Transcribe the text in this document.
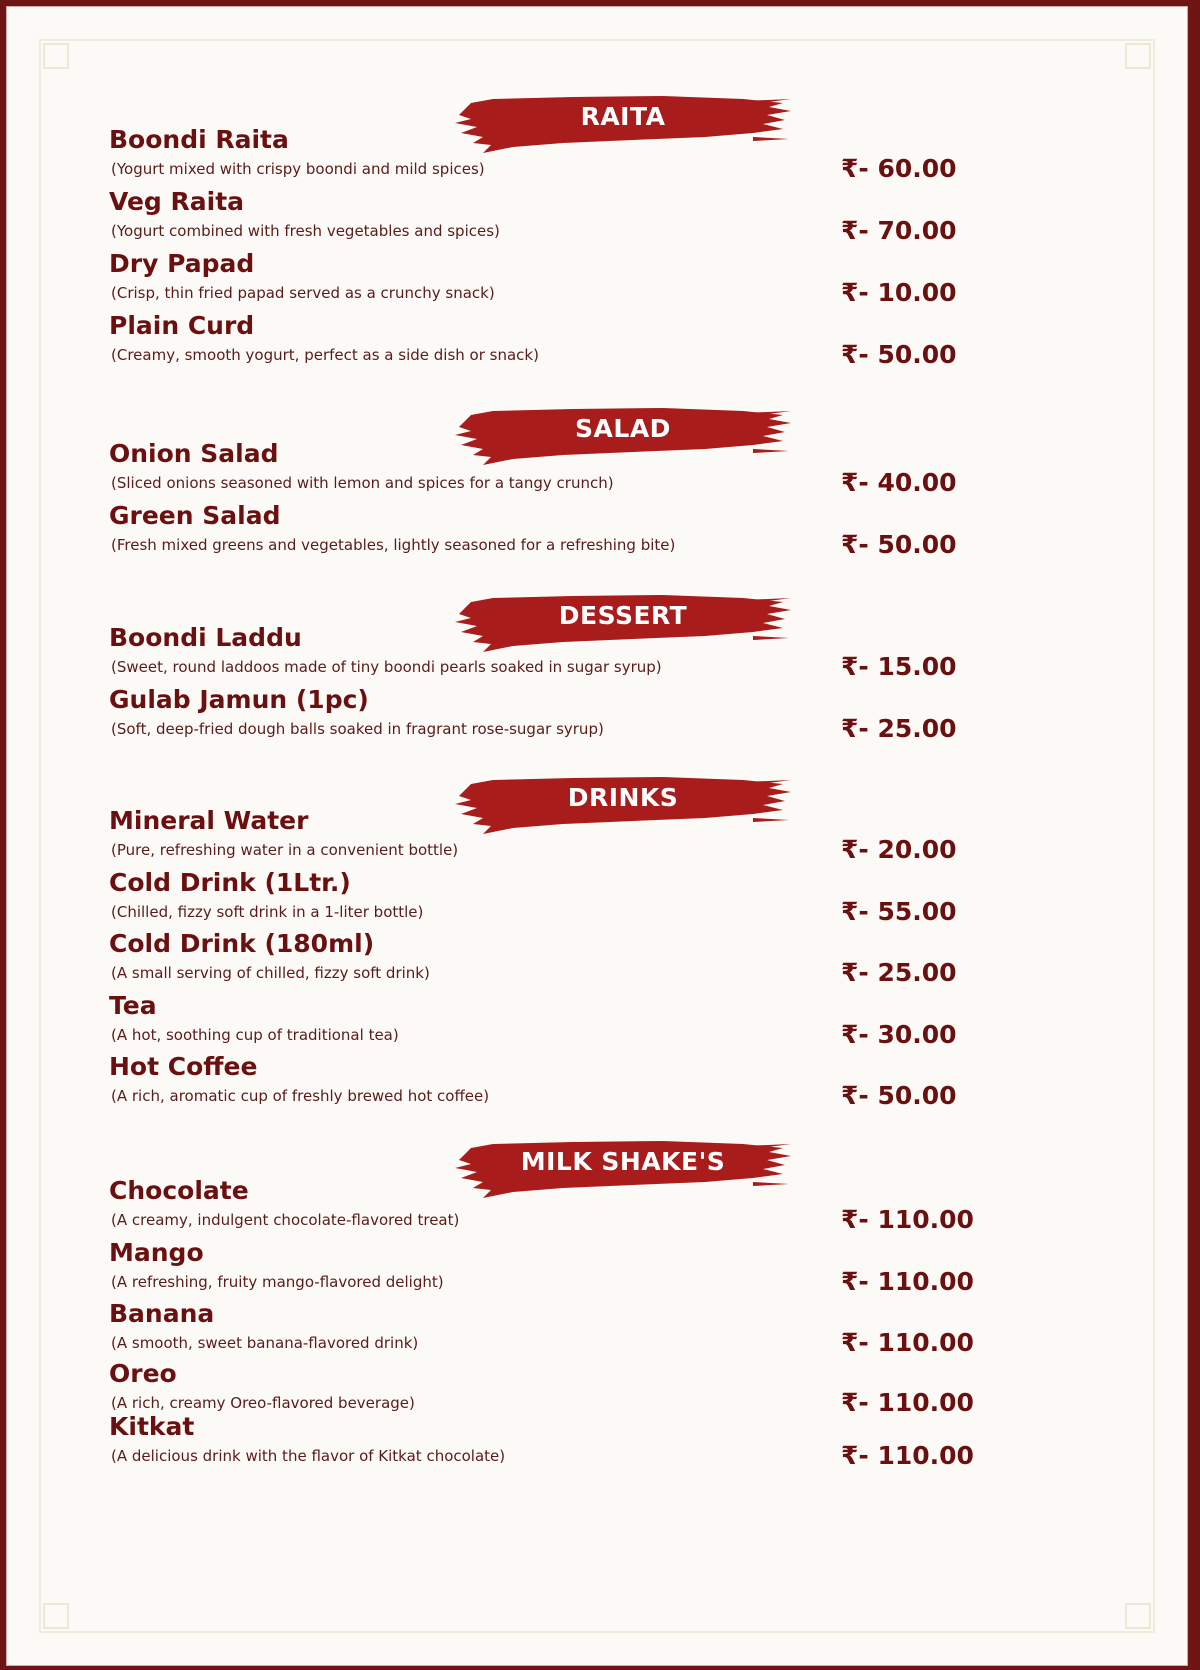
RAITA
Boondi Raita
(Yogurt mixed with crispy boondi and mild spices)	₹- 60.00
Veg Raita
(Yogurt combined with fresh vegetables and spices)	₹- 70.00
Dry Papad
(Crisp, thin fried papad served as a crunchy snack)	₹- 10.00
Plain Curd
(Creamy, smooth yogurt, perfect as a side dish or snack)	₹- 50.00
SALAD
Onion Salad
(Sliced onions seasoned with lemon and spices for a tangy crunch)	₹- 40.00
Green Salad
(Fresh mixed greens and vegetables, lightly seasoned for a refreshing bite)	₹- 50.00
DESSERT
Boondi Laddu
(Sweet, round laddoos made of tiny boondi pearls soaked in sugar syrup)	₹- 15.00
Gulab Jamun (1pc)
(Soft, deep-fried dough balls soaked in fragrant rose-sugar syrup)	₹- 25.00
DRINKS
Mineral Water
(Pure, refreshing water in a convenient bottle)	₹- 20.00
Cold Drink (1Ltr.)
(Chilled, fizzy soft drink in a 1-liter bottle)	₹- 55.00
Cold Drink (180ml)
(A small serving of chilled, fizzy soft drink)	₹- 25.00
Tea
(A hot, soothing cup of traditional tea)	₹- 30.00
Hot Coffee
(A rich, aromatic cup of freshly brewed hot coffee)	₹- 50.00
MILK SHAKE'S
Chocolate
(A creamy, indulgent chocolate-flavored treat)	₹- 110.00
Mango
(A refreshing, fruity mango-flavored delight)	₹- 110.00
Banana
(A smooth, sweet banana-flavored drink)	₹- 110.00
Oreo
(A rich, creamy Oreo-flavored beverage)	₹- 110.00
Kitkat
(A delicious drink with the flavor of Kitkat chocolate)	₹- 110.00
